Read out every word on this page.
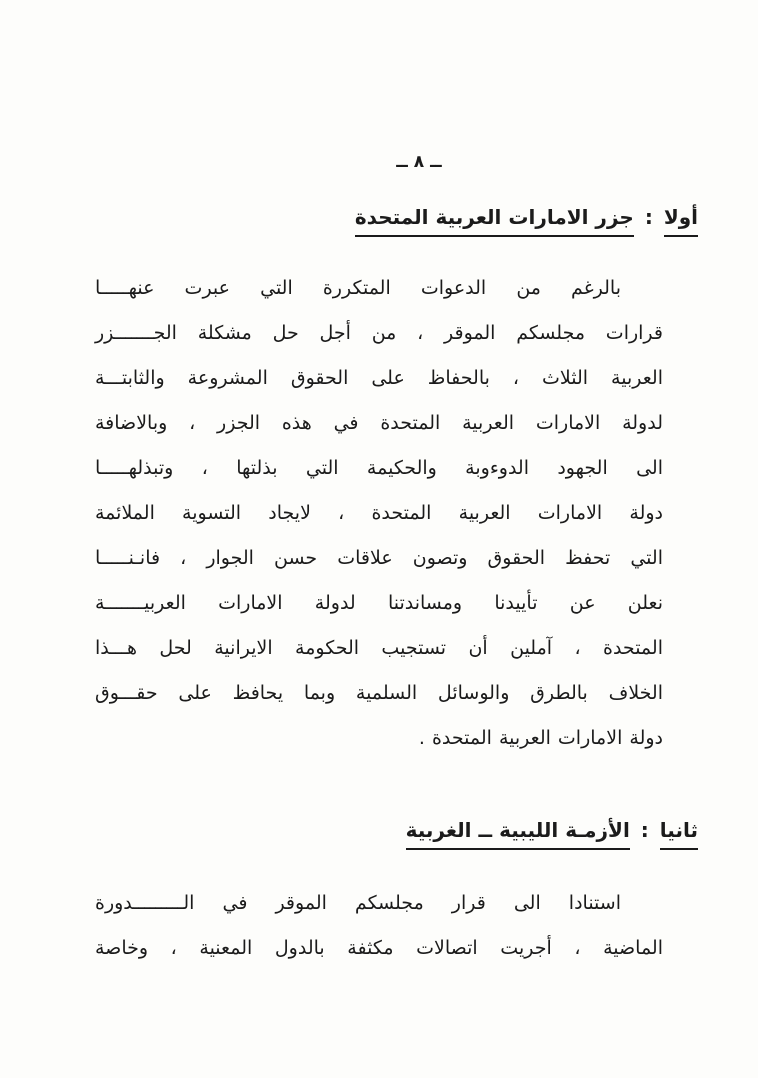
ــ ٨ ــ
أولا
:
جزر الامارات العربية المتحدة
بالرغم من الدعوات المتكررة التي عبرت عنهـــــا
قرارات مجلسكم الموقر ، من أجل حل مشكلة الجـــــــزر
العربية الثلاث ، بالحفاظ على الحقوق المشروعة والثابتـــة
لدولة الامارات العربية المتحدة في هذه الجزر ، وبالاضافة
الى الجهود الدوءوبة والحكيمة التي بذلتها ، وتبذلهـــــا
دولة الامارات العربية المتحدة ، لايجاد التسوية الملائمة
التي تحفظ الحقوق وتصون علاقات حسن الجوار ، فانـنـــــا
نعلن عن تأييدنا ومساندتنا لدولة الامارات العربيـــــــة
المتحدة ، آملين أن تستجيب الحكومة الايرانية لحل هـــذا
الخلاف بالطرق والوسائل السلمية وبما يحافظ على حقـــوق
دولة الامارات العربية المتحدة .
ثانيا
:
الأزمـة الليبية ــ الغربية
استنادا الى قرار مجلسكم الموقر في الـــــــــدورة
الماضية ، أجريت اتصالات مكثفة بالدول المعنية ، وخاصة
